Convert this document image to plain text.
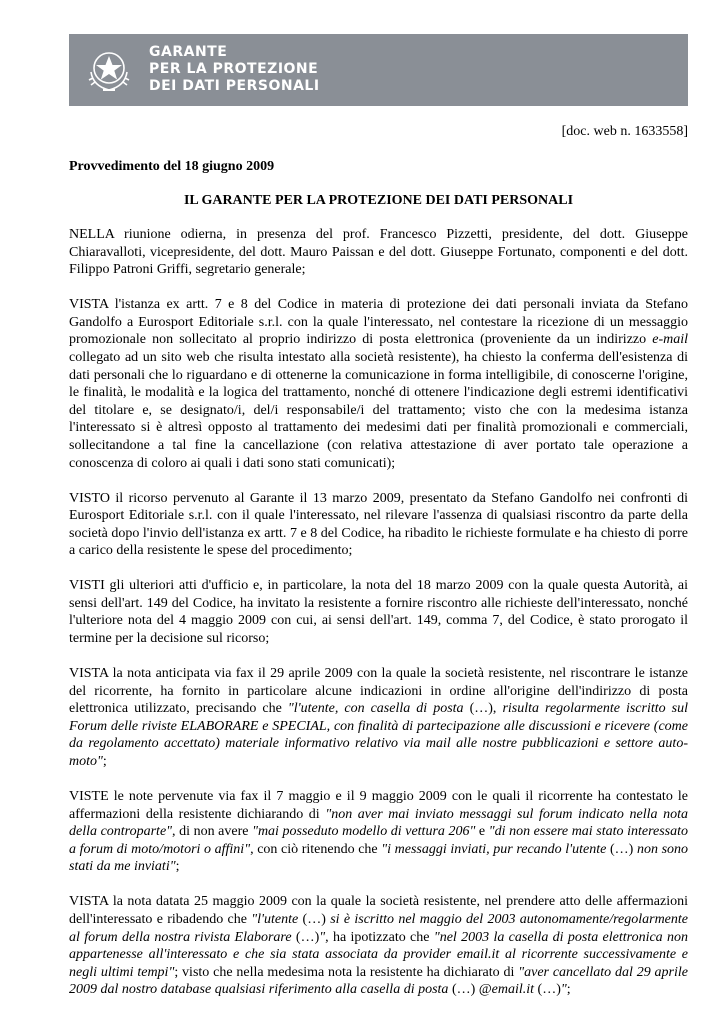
GARANTE
PER LA PROTEZIONE
DEI DATI PERSONALI
[doc. web n. 1633558]
Provvedimento del 18 giugno 2009
IL GARANTE PER LA PROTEZIONE DEI DATI PERSONALI

NELLA riunione odierna, in presenza del prof. Francesco Pizzetti, presidente, del dott. Giuseppe Chiaravalloti, vicepresidente, del dott. Mauro Paissan e del dott. Giuseppe Fortunato, componenti e del dott. Filippo Patroni Griffi, segretario generale;

VISTA l'istanza ex artt. 7 e 8 del Codice in materia di protezione dei dati personali inviata da Stefano Gandolfo a Eurosport Editoriale s.r.l. con la quale l'interessato, nel contestare la ricezione di un messaggio promozionale non sollecitato al proprio indirizzo di posta elettronica (proveniente da un indirizzo e-mail collegato ad un sito web che risulta intestato alla società resistente), ha chiesto la conferma dell'esistenza di dati personali che lo riguardano e di ottenerne la comunicazione in forma intelligibile, di conoscerne l'origine, le finalità, le modalità e la logica del trattamento, nonché di ottenere l'indicazione degli estremi identificativi del titolare e, se designato/i, del/i responsabile/i del trattamento; visto che con la medesima istanza l'interessato si è altresì opposto al trattamento dei medesimi dati per finalità promozionali e commerciali, sollecitandone a tal fine la cancellazione (con relativa attestazione di aver portato tale operazione a conoscenza di coloro ai quali i dati sono stati comunicati);

VISTO il ricorso pervenuto al Garante il 13 marzo 2009, presentato da Stefano Gandolfo nei confronti di Eurosport Editoriale s.r.l. con il quale l'interessato, nel rilevare l'assenza di qualsiasi riscontro da parte della società dopo l'invio dell'istanza ex artt. 7 e 8 del Codice, ha ribadito le richieste formulate e ha chiesto di porre a carico della resistente le spese del procedimento;

VISTI gli ulteriori atti d'ufficio e, in particolare, la nota del 18 marzo 2009 con la quale questa Autorità, ai sensi dell'art. 149 del Codice, ha invitato la resistente a fornire riscontro alle richieste dell'interessato, nonché l'ulteriore nota del 4 maggio 2009 con cui, ai sensi dell'art. 149, comma 7, del Codice, è stato prorogato il termine per la decisione sul ricorso;

VISTA la nota anticipata via fax il 29 aprile 2009 con la quale la società resistente, nel riscontrare le istanze del ricorrente, ha fornito in particolare alcune indicazioni in ordine all'origine dell'indirizzo di posta elettronica utilizzato, precisando che "l'utente, con casella di posta (…), risulta regolarmente iscritto sul Forum delle riviste ELABORARE e SPECIAL, con finalità di partecipazione alle discussioni e ricevere (come da regolamento accettato) materiale informativo relativo via mail alle nostre pubblicazioni e settore auto-moto";

VISTE le note pervenute via fax il 7 maggio e il 9 maggio 2009 con le quali il ricorrente ha contestato le affermazioni della resistente dichiarando di "non aver mai inviato messaggi sul forum indicato nella nota della controparte", di non avere "mai posseduto modello di vettura 206" e "di non essere mai stato interessato a forum di moto/motori o affini", con ciò ritenendo che "i messaggi inviati, pur recando l'utente (…) non sono stati da me inviati";

VISTA la nota datata 25 maggio 2009 con la quale la società resistente, nel prendere atto delle affermazioni dell'interessato e ribadendo che "l'utente (…) si è iscritto nel maggio del 2003 autonomamente/regolarmente al forum della nostra rivista Elaborare (…)", ha ipotizzato che "nel 2003 la casella di posta elettronica non appartenesse all'interessato e che sia stata associata da provider email.it al ricorrente successivamente e negli ultimi tempi"; visto che nella medesima nota la resistente ha dichiarato di "aver cancellato dal 29 aprile 2009 dal nostro database qualsiasi riferimento alla casella di posta (…) @email.it (…)";
